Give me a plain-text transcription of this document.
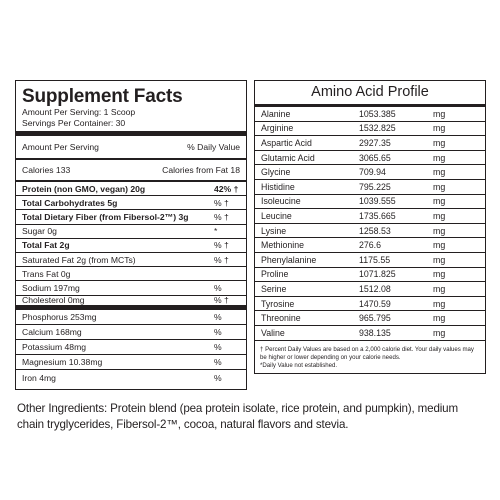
Supplement Facts
Amount Per Serving: 1 Scoop
Servings Per Container: 30
Amount Per Serving	% Daily Value
Calories 133	Calories from Fat 18
Protein (non GMO, vegan) 20g	42% †
Total Carbohydrates 5g	% †
Total Dietary Fiber (from Fibersol-2™) 3g	% †
Sugar 0g	*
Total Fat 2g	% †
Saturated Fat 2g (from MCTs)	% †
Trans Fat 0g
Sodium 197mg	%
Cholesterol 0mg	% †
Phosphorus 253mg	%
Calcium 168mg	%
Potassium 48mg	%
Magnesium 10.38mg	%
Iron 4mg	%
Amino Acid Profile
Alanine	1053.385	mg
Arginine	1532.825	mg
Aspartic Acid	2927.35	mg
Glutamic Acid	3065.65	mg
Glycine	709.94	mg
Histidine	795.225	mg
Isoleucine	1039.555	mg
Leucine	1735.665	mg
Lysine	1258.53	mg
Methionine	276.6	mg
Phenylalanine	1175.55	mg
Proline	1071.825	mg
Serine	1512.08	mg
Tyrosine	1470.59	mg
Threonine	965.795	mg
Valine	938.135	mg
† Percent Daily Values are based on a 2,000 calorie diet. Your daily values may be higher or lower depending on your calorie needs.
*Daily Value not established.
Other Ingredients: Protein blend (pea protein isolate, rice protein, and pumpkin), medium chain tryglycerides, Fibersol-2™, cocoa, natural flavors and stevia.
